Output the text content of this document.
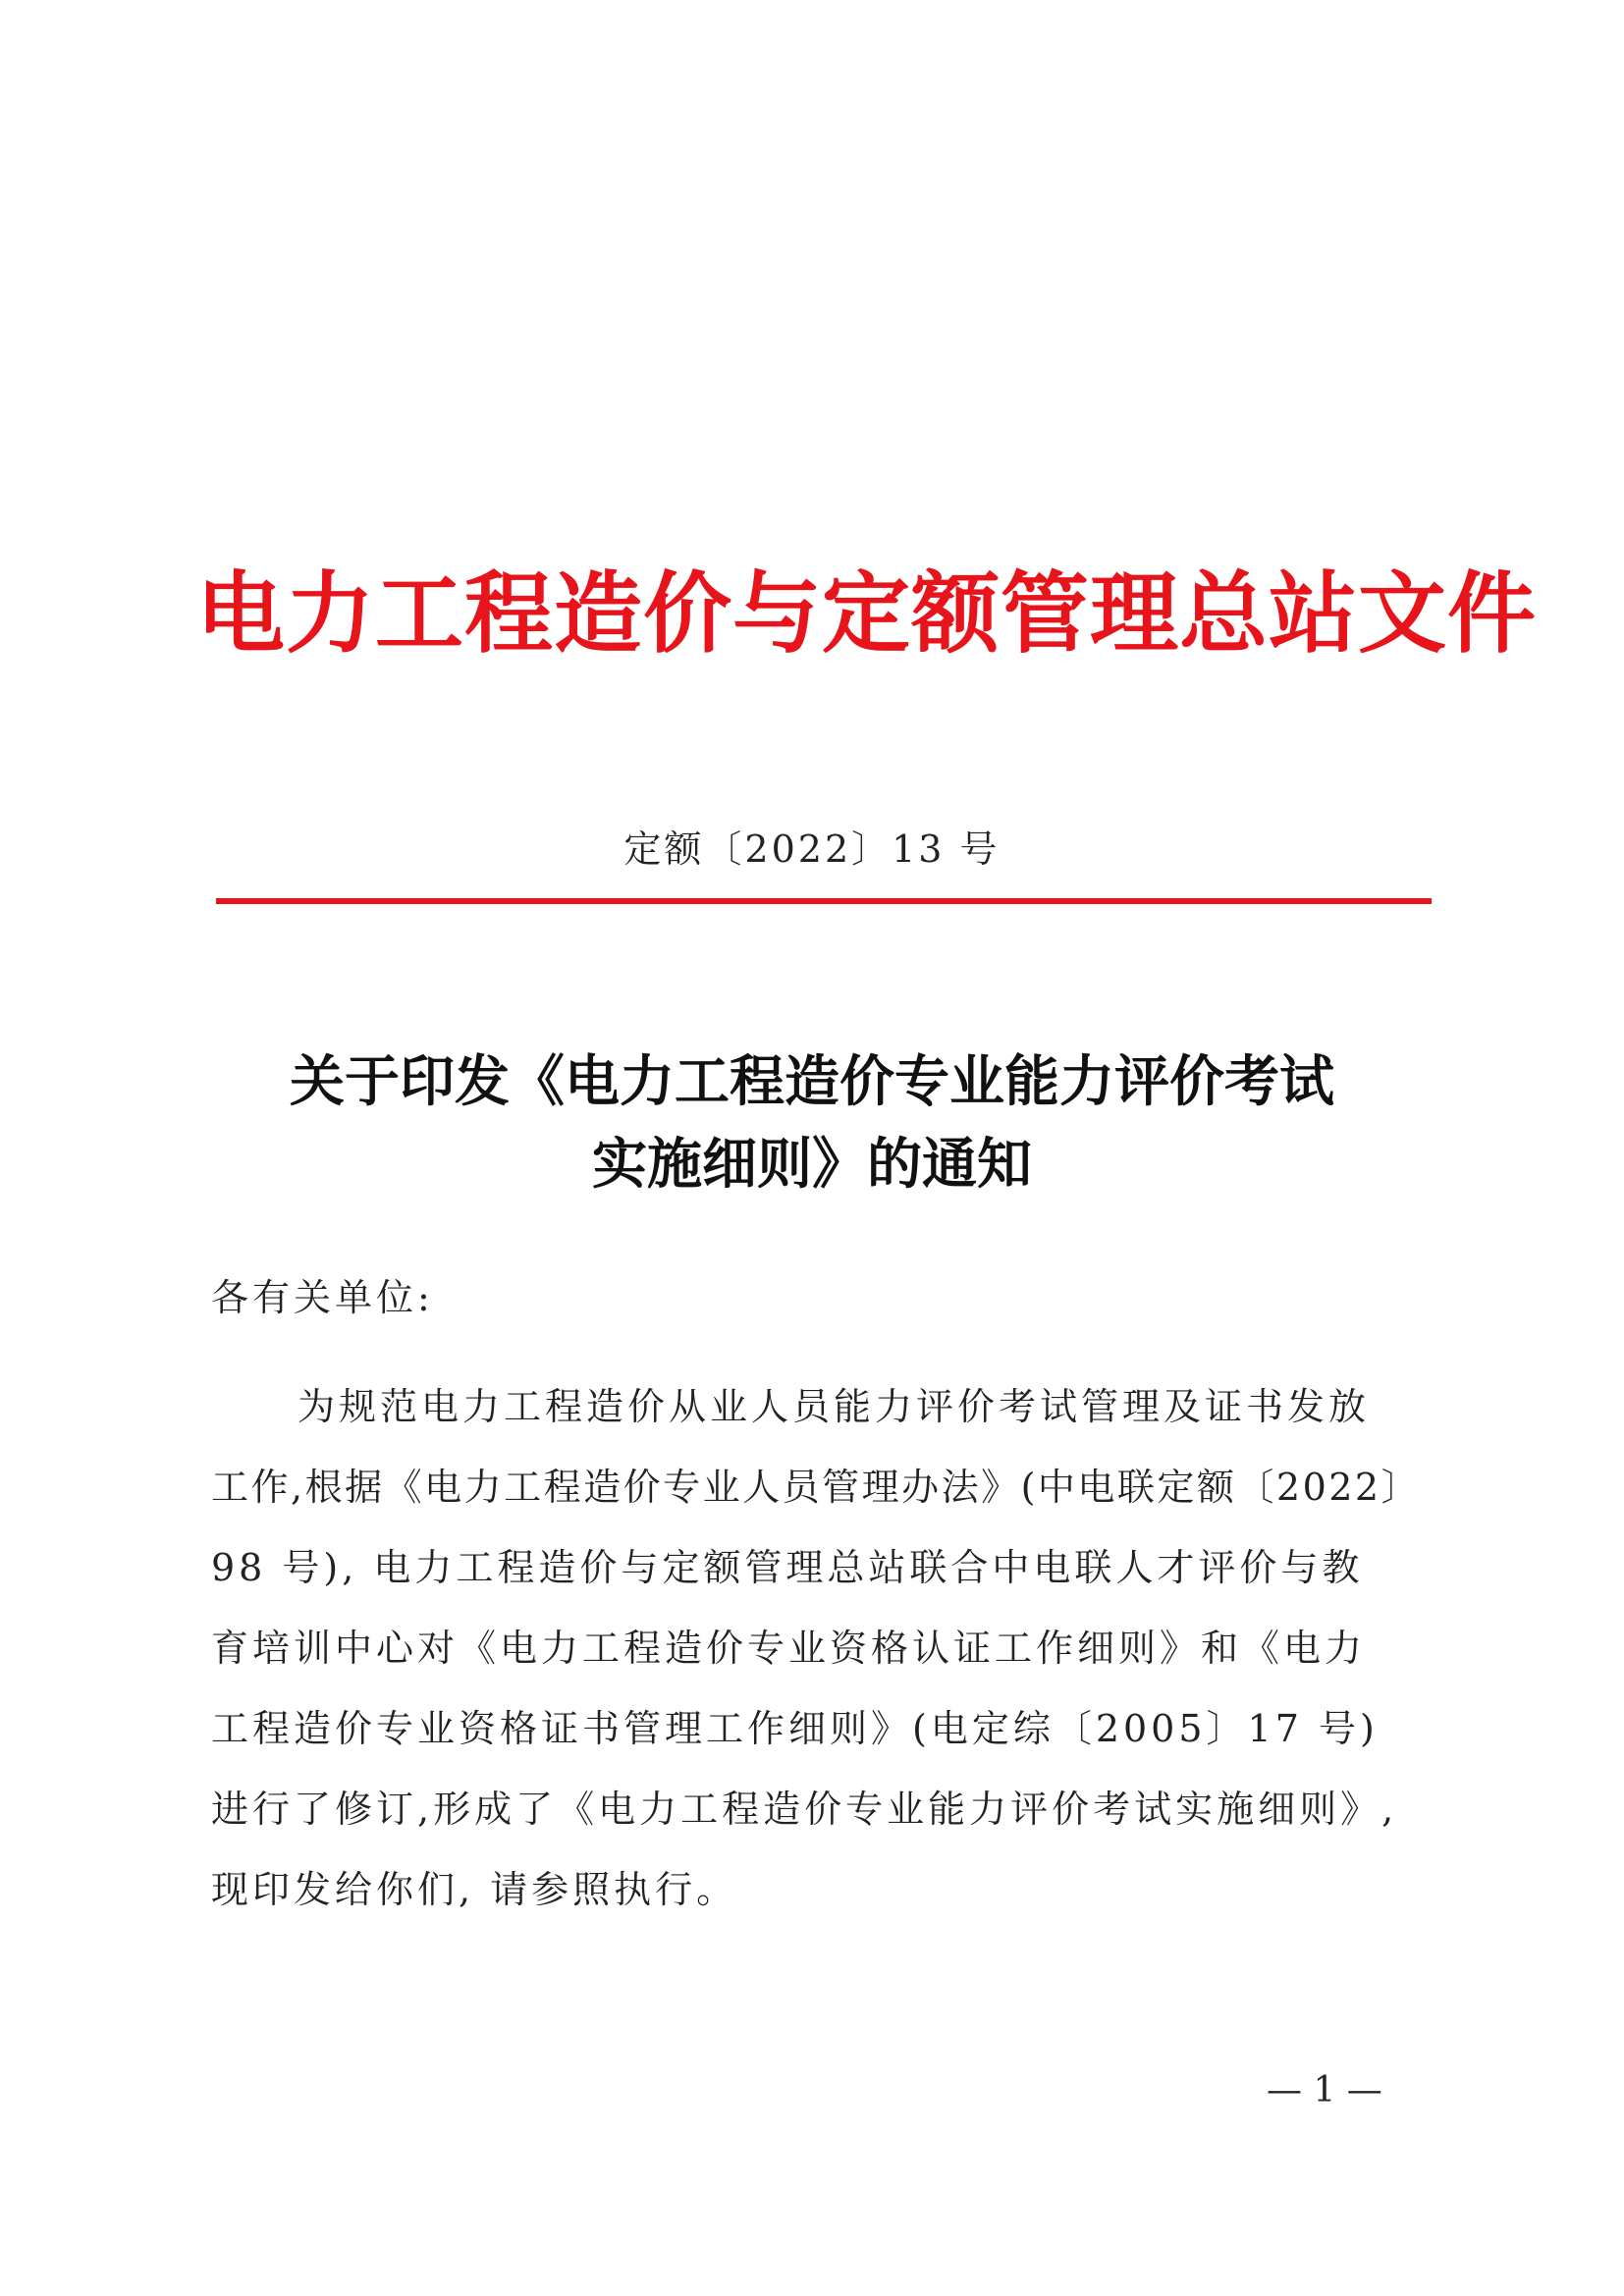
电力工程造价与定额管理总站文件
定额〔2022〕13 号
关于印发《电力工程造价专业能力评价考试
实施细则》的通知
各有关单位:
为规范电力工程造价从业人员能力评价考试管理及证书发放
工作,根据《电力工程造价专业人员管理办法》(中电联定额〔2022〕
98 号), 电力工程造价与定额管理总站联合中电联人才评价与教
育培训中心对《电力工程造价专业资格认证工作细则》和《电力
工程造价专业资格证书管理工作细则》(电定综〔2005〕17 号)
进行了修订,形成了《电力工程造价专业能力评价考试实施细则》,
现印发给你们, 请参照执行。
— 1 —
